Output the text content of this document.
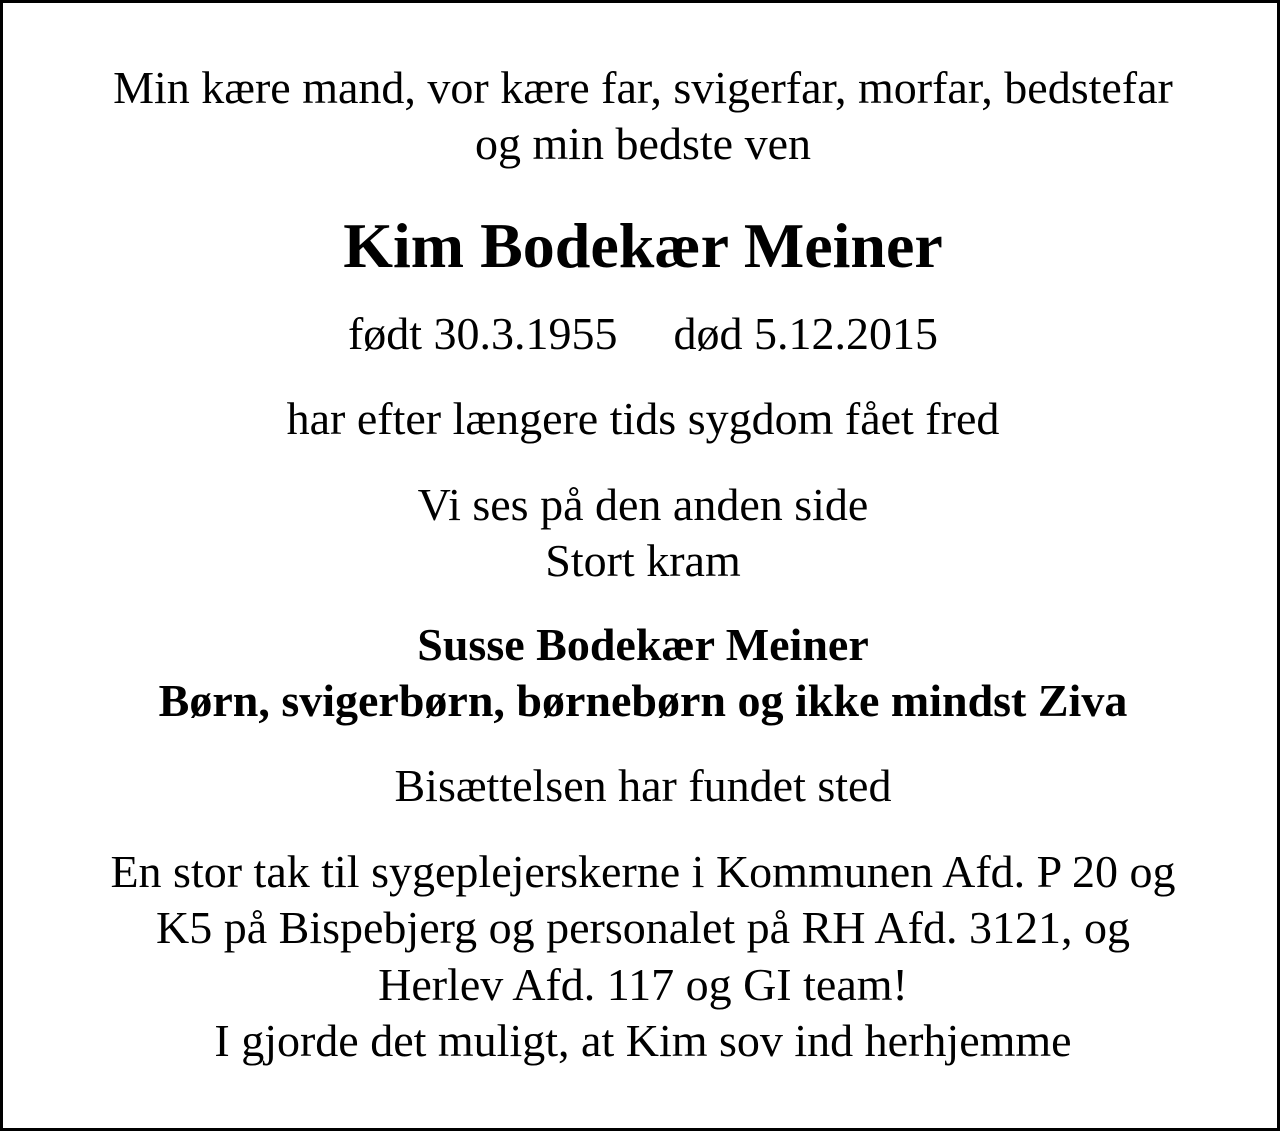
Min kære mand, vor kære far, svigerfar, morfar, bedstefar
og min bedste ven
Kim Bodekær Meiner
født 30.3.1955 død 5.12.2015
har efter længere tids sygdom fået fred
Vi ses på den anden side
Stort kram
Susse Bodekær Meiner
Børn, svigerbørn, børnebørn og ikke mindst Ziva
Bisættelsen har fundet sted
En stor tak til sygeplejerskerne i Kommunen Afd. P 20 og
K5 på Bispebjerg og personalet på RH Afd. 3121, og
Herlev Afd. 117 og GI team!
I gjorde det muligt, at Kim sov ind herhjemme
